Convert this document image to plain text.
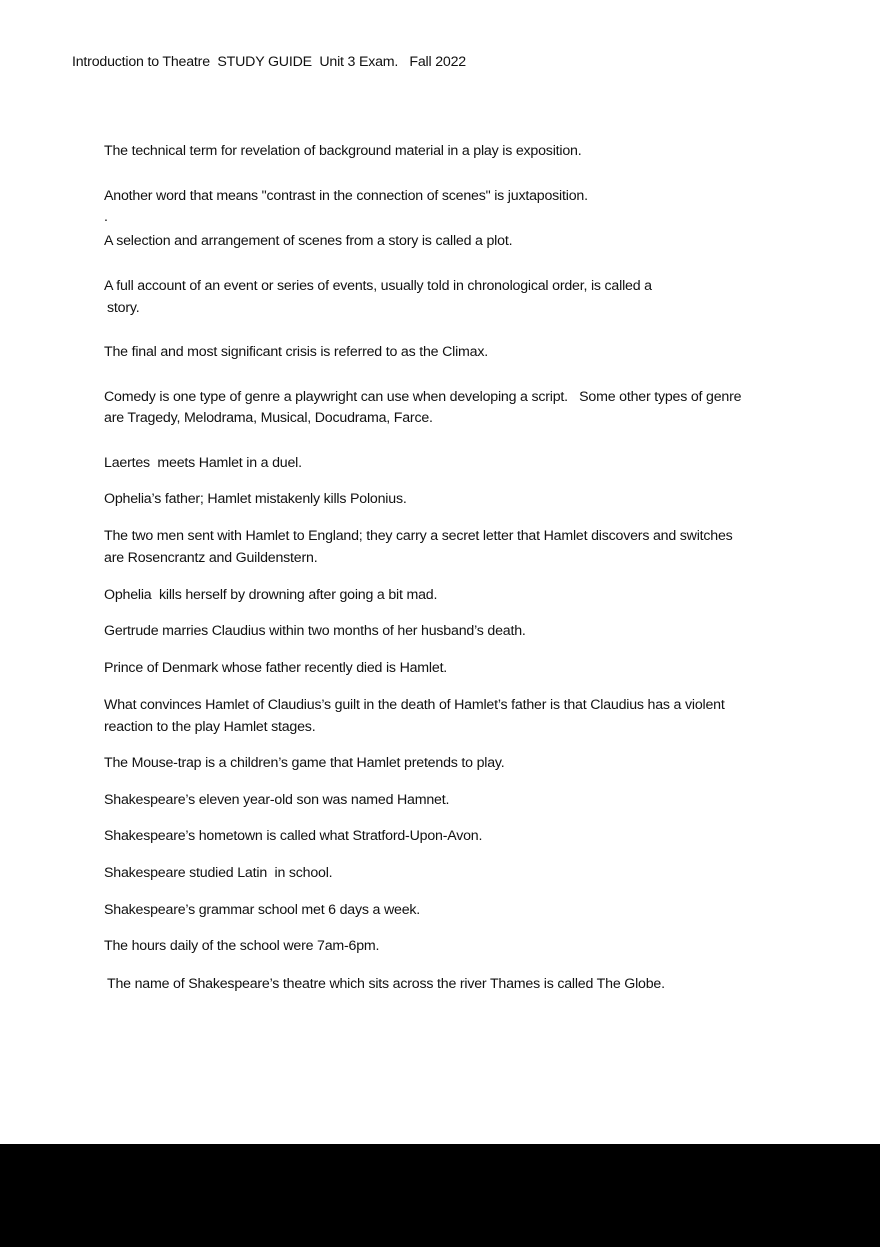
Introduction to Theatre  STUDY GUIDE  Unit 3 Exam.   Fall 2022
The technical term for revelation of background material in a play is exposition.
Another word that means "contrast in the connection of scenes" is juxtaposition.
.
A selection and arrangement of scenes from a story is called a plot.
A full account of an event or series of events, usually told in chronological order, is called a
story.
The final and most significant crisis is referred to as the Climax.
Comedy is one type of genre a playwright can use when developing a script.   Some other types of genre
are Tragedy, Melodrama, Musical, Docudrama, Farce.
Laertes  meets Hamlet in a duel.
Ophelia’s father; Hamlet mistakenly kills Polonius.
The two men sent with Hamlet to England; they carry a secret letter that Hamlet discovers and switches
are Rosencrantz and Guildenstern.
Ophelia  kills herself by drowning after going a bit mad.
Gertrude marries Claudius within two months of her husband’s death.
Prince of Denmark whose father recently died is Hamlet.
What convinces Hamlet of Claudius’s guilt in the death of Hamlet’s father is that Claudius has a violent
reaction to the play Hamlet stages.
The Mouse-trap is a children’s game that Hamlet pretends to play.
Shakespeare’s eleven year-old son was named Hamnet.
Shakespeare’s hometown is called what Stratford-Upon-Avon.
Shakespeare studied Latin  in school.
Shakespeare’s grammar school met 6 days a week.
The hours daily of the school were 7am-6pm.
The name of Shakespeare’s theatre which sits across the river Thames is called The Globe.
